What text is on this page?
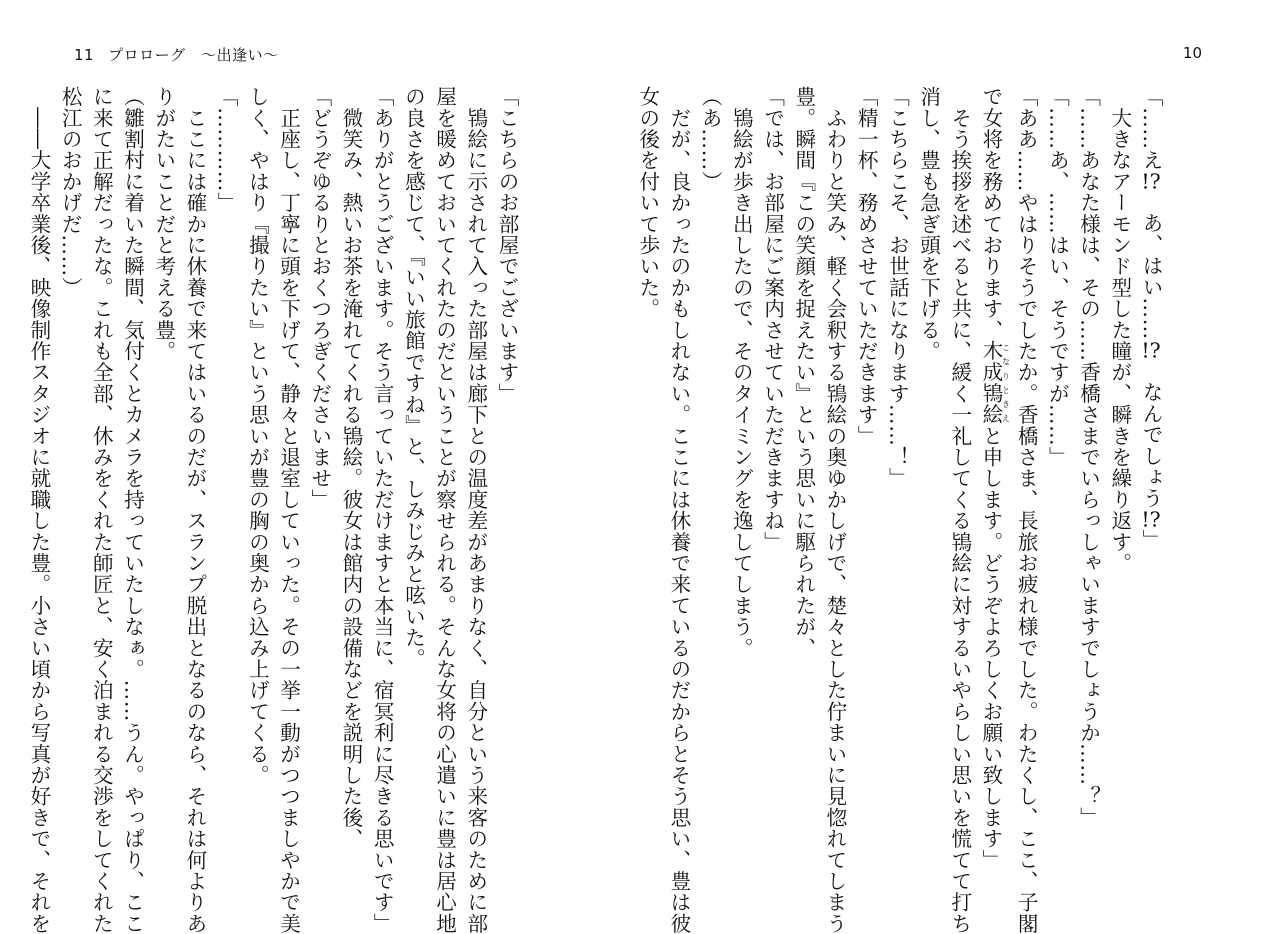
11 プロローグ　〜出逢い〜
「こちらのお部屋でございます」
　鴇絵に示されて入った部屋は廊下との温度差があまりなく、自分という来客のために部
屋を暖めておいてくれたのだということが察せられる。そんな女将の心遣いに豊は居心地
の良さを感じて、『いい旅館ですね』と、しみじみと呟いた。
「ありがとうございます。そう言っていただけますと本当に、宿冥利に尽きる思いです」
　微笑み、熱いお茶を淹れてくれる鴇絵。彼女は館内の設備などを説明した後、
「どうぞゆるりとおくつろぎくださいませ」
　正座し、丁寧に頭を下げて、静々と退室していった。その一挙一動がつつましやかで美
しく、やはり『撮りたい』という思いが豊の胸の奥から込み上げてくる。
「…………」
　ここには確かに休養で来てはいるのだが、スランプ脱出となるのなら、それは何よりあ
りがたいことだと考える豊。
（雛割村に着いた瞬間、気付くとカメラを持っていたしなぁ。……うん。やっぱり、ここ
に来て正解だったな。これも全部、休みをくれた師匠と、安く泊まれる交渉をしてくれた
松江のおかげだ……）
　――大学卒業後、映像制作スタジオに就職した豊。小さい頃から写真が好きで、それを
10
「……え!?　あ、はい……!?　なんでしょう!?」
　大きなアーモンド型した瞳が、瞬きを繰り返す。
「……あなた様は、その……香橋さまでいらっしゃいますでしょうか……？」
「……あ、……はい、そうですが……」
「ああ……やはりそうでしたか。香橋さま、長旅お疲れ様でした。わたくし、ここ、子閣
で女将を務めております、木成鴇絵こなりときえと申します。どうぞよろしくお願い致します」
　そう挨拶を述べると共に、緩く一礼してくる鴇絵に対するいやらしい思いを慌てて打ち
消し、豊も急ぎ頭を下げる。
「こちらこそ、お世話になります……！」
「精一杯、務めさせていただきます」
　ふわりと笑み、軽く会釈する鴇絵の奥ゆかしげで、楚々とした佇まいに見惚れてしまう
豊。瞬間『この笑顔を捉えたい』という思いに駆られたが、
「では、お部屋にご案内させていただきますね」
　鴇絵が歩き出したので、そのタイミングを逸してしまう。
（あ……）
　だが、良かったのかもしれない。ここには休養で来ているのだからとそう思い、豊は彼
女の後を付いて歩いた。
